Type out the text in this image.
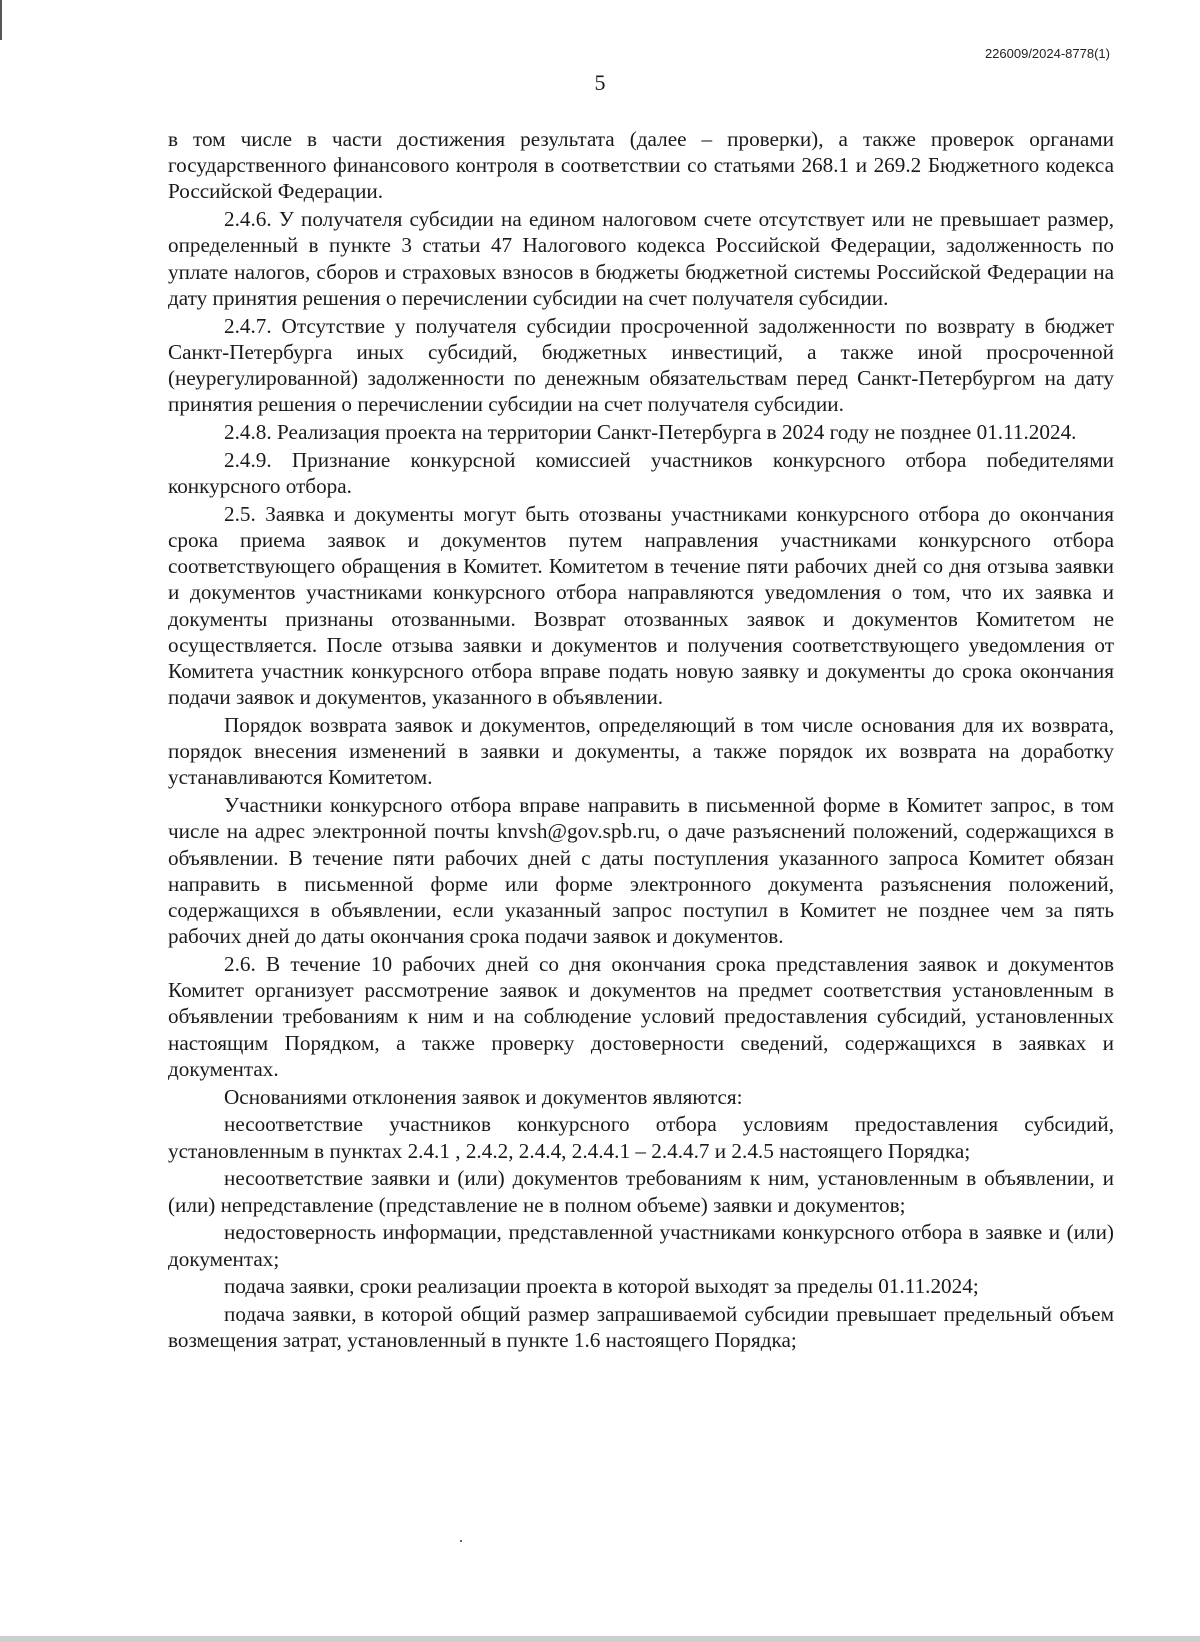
226009/2024-8778(1)
5

в том числе в части достижения результата (далее – проверки), а также проверок органами государственного финансового контроля в соответствии со статьями 268.1 и 269.2 Бюджетного кодекса Российской Федерации.

2.4.6. У получателя субсидии на едином налоговом счете отсутствует или не превышает размер, определенный в пункте 3 статьи 47 Налогового кодекса Российской Федерации, задолженность по уплате налогов, сборов и страховых взносов в бюджеты бюджетной системы Российской Федерации на дату принятия решения о перечислении субсидии на счет получателя субсидии.

2.4.7. Отсутствие у получателя субсидии просроченной задолженности по возврату в бюджет Санкт-Петербурга иных субсидий, бюджетных инвестиций, а также иной просроченной (неурегулированной) задолженности по денежным обязательствам перед Санкт-Петербургом на дату принятия решения о перечислении субсидии на счет получателя субсидии.

2.4.8. Реализация проекта на территории Санкт-Петербурга в 2024 году не позднее 01.11.2024.

2.4.9. Признание конкурсной комиссией участников конкурсного отбора победителями конкурсного отбора.

2.5. Заявка и документы могут быть отозваны участниками конкурсного отбора до окончания срока приема заявок и документов путем направления участниками конкурсного отбора соответствующего обращения в Комитет. Комитетом в течение пяти рабочих дней со дня отзыва заявки и документов участниками конкурсного отбора направляются уведомления о том, что их заявка и документы признаны отозванными. Возврат отозванных заявок и документов Комитетом не осуществляется. После отзыва заявки и документов и получения соответствующего уведомления от Комитета участник конкурсного отбора вправе подать новую заявку и документы до срока окончания подачи заявок и документов, указанного в объявлении.

Порядок возврата заявок и документов, определяющий в том числе основания для их возврата, порядок внесения изменений в заявки и документы, а также порядок их возврата на доработку устанавливаются Комитетом.

Участники конкурсного отбора вправе направить в письменной форме в Комитет запрос, в том числе на адрес электронной почты knvsh@gov.spb.ru, о даче разъяснений положений, содержащихся в объявлении. В течение пяти рабочих дней с даты поступления указанного запроса Комитет обязан направить в письменной форме или форме электронного документа разъяснения положений, содержащихся в объявлении, если указанный запрос поступил в Комитет не позднее чем за пять рабочих дней до даты окончания срока подачи заявок и документов.

2.6. В течение 10 рабочих дней со дня окончания срока представления заявок и документов Комитет организует рассмотрение заявок и документов на предмет соответствия установленным в объявлении требованиям к ним и на соблюдение условий предоставления субсидий, установленных настоящим Порядком, а также проверку достоверности сведений, содержащихся в заявках и документах.

Основаниями отклонения заявок и документов являются:

несоответствие участников конкурсного отбора условиям предоставления субсидий, установленным в пунктах 2.4.1 , 2.4.2, 2.4.4, 2.4.4.1 – 2.4.4.7 и 2.4.5 настоящего Порядка;

несоответствие заявки и (или) документов требованиям к ним, установленным в объявлении, и (или) непредставление (представление не в полном объеме) заявки и документов;

недостоверность информации, представленной участниками конкурсного отбора в заявке и (или) документах;

подача заявки, сроки реализации проекта в которой выходят за пределы 01.11.2024;

подача заявки, в которой общий размер запрашиваемой субсидии превышает предельный объем возмещения затрат, установленный в пункте 1.6 настоящего Порядка;
